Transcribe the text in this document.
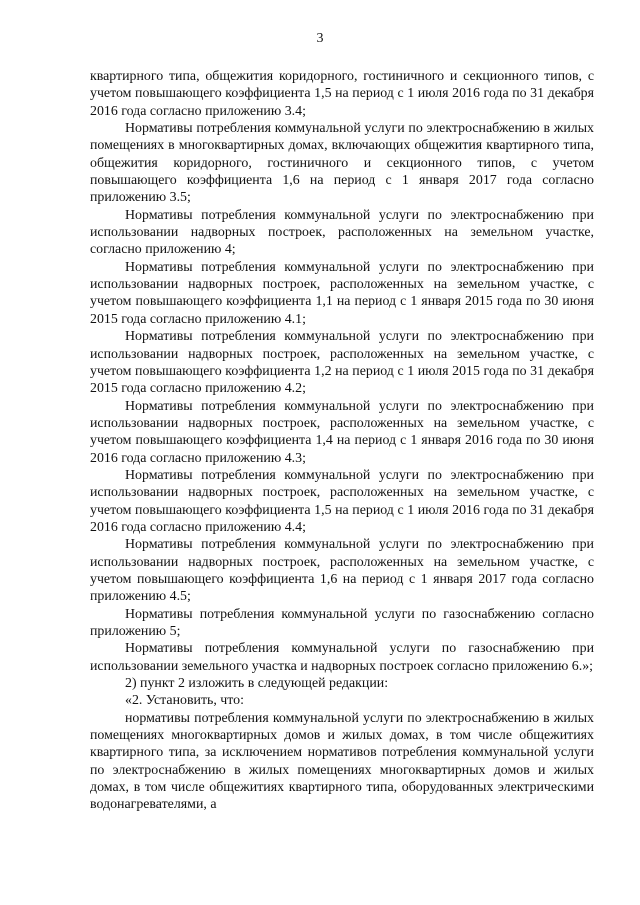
3

квартирного типа, общежития коридорного, гостиничного и секционного типов, с учетом повышающего коэффициента 1,5 на период с 1 июля 2016 года по 31 декабря 2016 года согласно приложению 3.4;

Нормативы потребления коммунальной услуги по электроснабжению в жилых помещениях в многоквартирных домах, включающих общежития квартирного типа, общежития коридорного, гостиничного и секционного типов, с учетом повышающего коэффициента 1,6 на период с 1 января 2017 года согласно приложению 3.5;

Нормативы потребления коммунальной услуги по электроснабжению при использовании надворных построек, расположенных на земельном участке, согласно приложению 4;

Нормативы потребления коммунальной услуги по электроснабжению при использовании надворных построек, расположенных на земельном участке, с учетом повышающего коэффициента 1,1 на период с 1 января 2015 года по 30 июня 2015 года согласно приложению 4.1;

Нормативы потребления коммунальной услуги по электроснабжению при использовании надворных построек, расположенных на земельном участке, с учетом повышающего коэффициента 1,2 на период с 1 июля 2015 года по 31 декабря 2015 года согласно приложению 4.2;

Нормативы потребления коммунальной услуги по электроснабжению при использовании надворных построек, расположенных на земельном участке, с учетом повышающего коэффициента 1,4 на период с 1 января 2016 года по 30 июня 2016 года согласно приложению 4.3;

Нормативы потребления коммунальной услуги по электроснабжению при использовании надворных построек, расположенных на земельном участке, с учетом повышающего коэффициента 1,5 на период с 1 июля 2016 года по 31 декабря 2016 года согласно приложению 4.4;

Нормативы потребления коммунальной услуги по электроснабжению при использовании надворных построек, расположенных на земельном участке, с учетом повышающего коэффициента 1,6 на период с 1 января 2017 года согласно приложению 4.5;

Нормативы потребления коммунальной услуги по газоснабжению согласно приложению 5;

Нормативы потребления коммунальной услуги по газоснабжению при использовании земельного участка и надворных построек согласно приложению 6.»;

2) пункт 2 изложить в следующей редакции:

«2. Установить, что:

нормативы потребления коммунальной услуги по электроснабжению в жилых помещениях многоквартирных домов и жилых домах, в том числе общежитиях квартирного типа, за исключением нормативов потребления коммунальной услуги по электроснабжению в жилых помещениях многоквартирных домов и жилых домах, в том числе общежитиях квартирного типа, оборудованных электрическими водонагревателями, а
